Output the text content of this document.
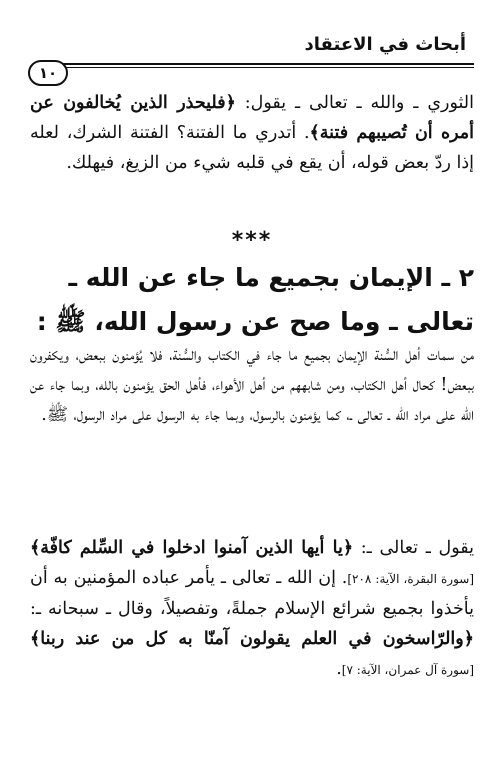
أبحاث في الاعتقاد
١٠
الثوري ـ والله ـ تعالى ـ يقول: ﴿فليحذر الذين يُخالفون عن أمره أن تُصيبهم فتنة﴾. أتدري ما الفتنة؟ الفتنة الشرك، لعله إذا ردّ بعض قوله، أن يقع في قلبه شيء من الزيغ، فيهلك.
***
٢ ـ الإيمان بجميع ما جاء عن الله ـ تعالى ـ وما صح عن رسول الله، ﷺ :
من سمات أهل السُّنة الإيمان بجميع ما جاء في الكتاب والسُّنة، فلا يُؤمنون ببعض، ويكفرون ببعض! كحال أهل الكتاب، ومن شابههم من أهل الأهواء، فأهل الحق يؤمنون بالله، وبما جاء عن الله على مراد الله ـ تعالى ـ، كما يؤمنون بالرسول، وبما جاء به الرسول على مراد الرسول، ﷺ.
يقول ـ تعالى ـ: ﴿يا أيها الذين آمنوا ادخلوا في السِّلم كافّة﴾ [سورة البقرة، الآية: ٢٠٨]. إن الله ـ تعالى ـ يأمر عباده المؤمنين به أن يأخذوا بجميع شرائع الإسلام جملةً، وتفصيلاً، وقال ـ سبحانه ـ: ﴿والرّاسخون في العلم يقولون آمنّا به كل من عند ربنا﴾ [سورة آل عمران، الآية: ٧].
